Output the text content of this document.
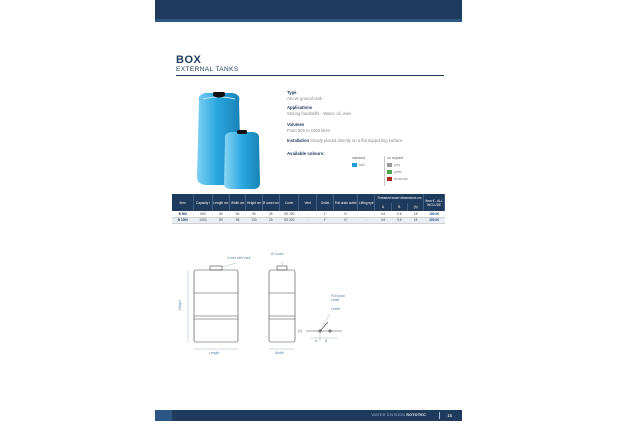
BOX
EXTERNAL TANKS
Type
Above ground tank
Applications
Storing foodstuffs - Water, oil, wine
Volumes
From 500 to 1000 litres
Installation Simply placed directly on a flat supporting surface
Available colours:
standard
blue
on request
grey
green
terracotta
Item	Capacity l	Length cm	Width cm	Height cm	Ø cover cm	Cover	Vent	Outlet	Full drain outlet	Lifting eye	Threaded insert dimensions cm			Item € - ALL INCLUDE
											A	B	(h)	
B 500	500	80	50	90	25	SS 200	-	1"	¾"	-	4.6	9.6	18	180.00
B 1000	1000	80	85	130	25	SS 200	-	1"	¾"	-	4.6	9.6	18	260.00
Cover with vent
Ø Cover
Height
Length	Width
Full drain outlet
Outlet
A B
(h)
WATER DIVISION ROTOTEC	15
